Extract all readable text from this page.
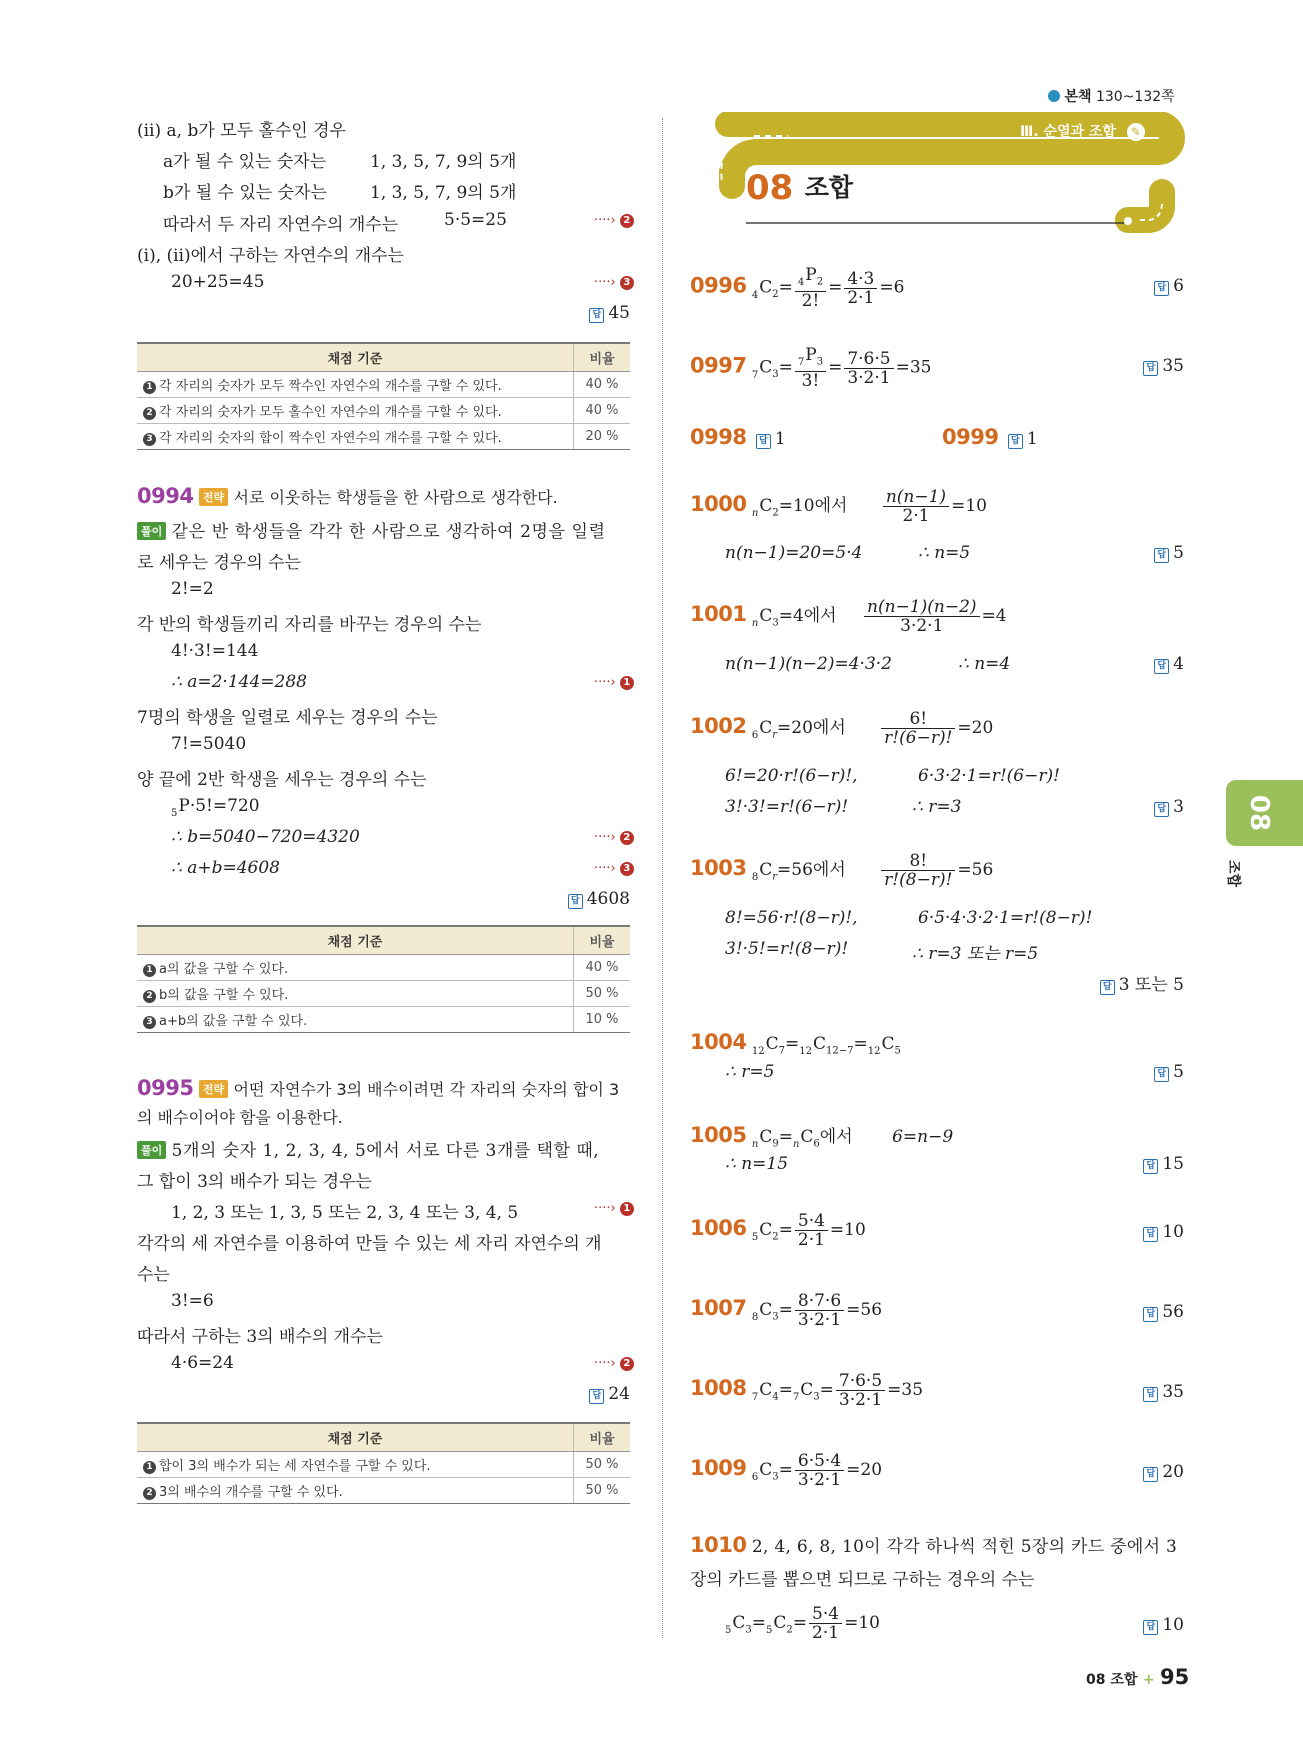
본책 130~132쪽
Ⅲ. 순열과 조합 ✎
08 조합
08
조합
(ⅱ) a, b가 모두 홀수인 경우
a가 될 수 있는 숫자는	1, 3, 5, 7, 9의 5개
b가 될 수 있는 숫자는	1, 3, 5, 7, 9의 5개
따라서 두 자리 자연수의 개수는	5·5=25	····› 2
(ⅰ), (ⅱ)에서 구하는 자연수의 개수는
20+25=45	····› 3
답 45
채점 기준	비율
1 각 자리의 숫자가 모두 짝수인 자연수의 개수를 구할 수 있다.	40 %
2 각 자리의 숫자가 모두 홀수인 자연수의 개수를 구할 수 있다.	40 %
3 각 자리의 숫자의 합이 짝수인 자연수의 개수를 구할 수 있다.	20 %
0994 전략 서로 이웃하는 학생들을 한 사람으로 생각한다.
풀이 같은 반 학생들을 각각 한 사람으로 생각하여 2명을 일렬
로 세우는 경우의 수는
2!=2
각 반의 학생들끼리 자리를 바꾸는 경우의 수는
4!·3!=144
∴ a=2·144=288	····› 1
7명의 학생을 일렬로 세우는 경우의 수는
7!=5040
양 끝에 2반 학생을 세우는 경우의 수는
$_5$P·5!=720
∴ b=5040−720=4320	····› 2
∴ a+b=4608	····› 3
답 4608
채점 기준	비율
1 a의 값을 구할 수 있다.	40 %
2 b의 값을 구할 수 있다.	50 %
3 a+b의 값을 구할 수 있다.	10 %
0995 전략 어떤 자연수가 3의 배수이려면 각 자리의 숫자의 합이 3
의 배수이어야 함을 이용한다.
풀이 5개의 숫자 1, 2, 3, 4, 5에서 서로 다른 3개를 택할 때,
그 합이 3의 배수가 되는 경우는
1, 2, 3 또는 1, 3, 5 또는 2, 3, 4 또는 3, 4, 5	····› 1
각각의 세 자연수를 이용하여 만들 수 있는 세 자리 자연수의 개
수는
3!=6
따라서 구하는 3의 배수의 개수는
4·6=24	····› 2
답 24
채점 기준	비율
1 합이 3의 배수가 되는 세 자연수를 구할 수 있다.	50 %
2 3의 배수의 개수를 구할 수 있다.	50 %
0996 $_4C_2= \frac{_4P_2}{2!} = \frac{4\cdot 3}{2\cdot 1} =6$	답 6
0997 $_7C_3= \frac{_7P_3}{3!} = \frac{7\cdot 6\cdot 5}{3\cdot 2\cdot 1} =35$	답 35
0998 답 1	0999 답 1
1000 $_nC_2=10$에서 $\frac{n(n-1)}{2\cdot 1} =10$
n(n−1)=20=5·4	∴ n=5	답 5
1001 $_nC_3=4$에서 $\frac{n(n-1)(n-2)}{3\cdot 2\cdot 1} =4$
n(n−1)(n−2)=4·3·2	∴ n=4	답 4
1002 $_6C_r=20$에서 $\frac{6!}{r!(6-r)!} =20$
6!=20·r!(6−r)!,	6·3·2·1=r!(6−r)!
3!·3!=r!(6−r)!	∴ r=3	답 3
1003 $_8C_r=56$에서 $\frac{8!}{r!(8-r)!} =56$
8!=56·r!(8−r)!,	6·5·4·3·2·1=r!(8−r)!
3!·5!=r!(8−r)!	∴ r=3 또는 r=5
답 3 또는 5
1004 $_{12}C_7=_{12}C_{12-7}=_{12}C_5$
∴ r=5	답 5
1005 $_nC_9=_nC_6$에서 6=n−9
∴ n=15	답 15
1006 $_5C_2= \frac{5\cdot 4}{2\cdot 1} =10$	답 10
1007 $_8C_3= \frac{8\cdot 7\cdot 6}{3\cdot 2\cdot 1} =56$	답 56
1008 $_7C_4=_7C_3= \frac{7\cdot 6\cdot 5}{3\cdot 2\cdot 1} =35$	답 35
1009 $_6C_3= \frac{6\cdot 5\cdot 4}{3\cdot 2\cdot 1} =20$	답 20
1010 2, 4, 6, 8, 10이 각각 하나씩 적힌 5장의 카드 중에서 3
장의 카드를 뽑으면 되므로 구하는 경우의 수는
$_5C_3=_5C_2= \frac{5\cdot 4}{2\cdot 1} =10$	답 10
08 조합 + 95
